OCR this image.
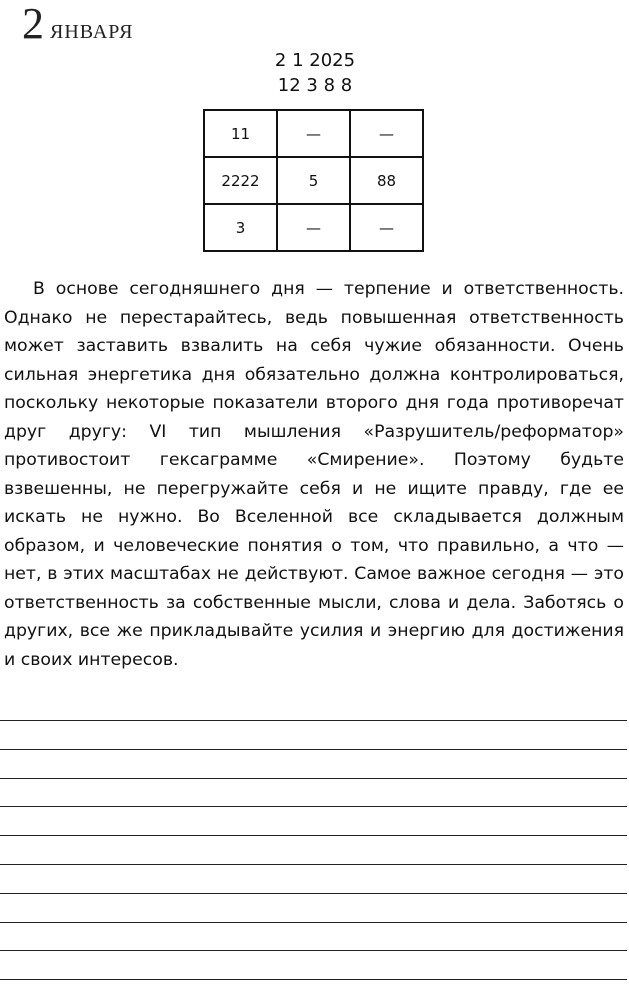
2 ЯНВАРЯ
2 1 2025
12 3 8 8
11	—	—
2222	5	88
3	—	—

В основе сегодняшнего дня — терпение и ответственность. Однако не перестарайтесь, ведь повышенная ответственность может заставить взвалить на себя чужие обязанности. Очень сильная энергетика дня обязательно должна контролироваться, поскольку некоторые показатели второго дня года противоречат друг другу: VI тип мышления «Разрушитель/реформатор» противостоит гексаграмме «Смирение». Поэтому будьте взвешенны, не перегружайте себя и не ищите правду, где ее искать не нужно. Во Вселенной все складывается должным образом, и человеческие понятия о том, что правильно, а что — нет, в этих масштабах не действуют. Самое важное сегодня — это ответственность за собственные мысли, слова и дела. Заботясь о других, все же прикладывайте усилия и энергию для достижения и своих интересов.
